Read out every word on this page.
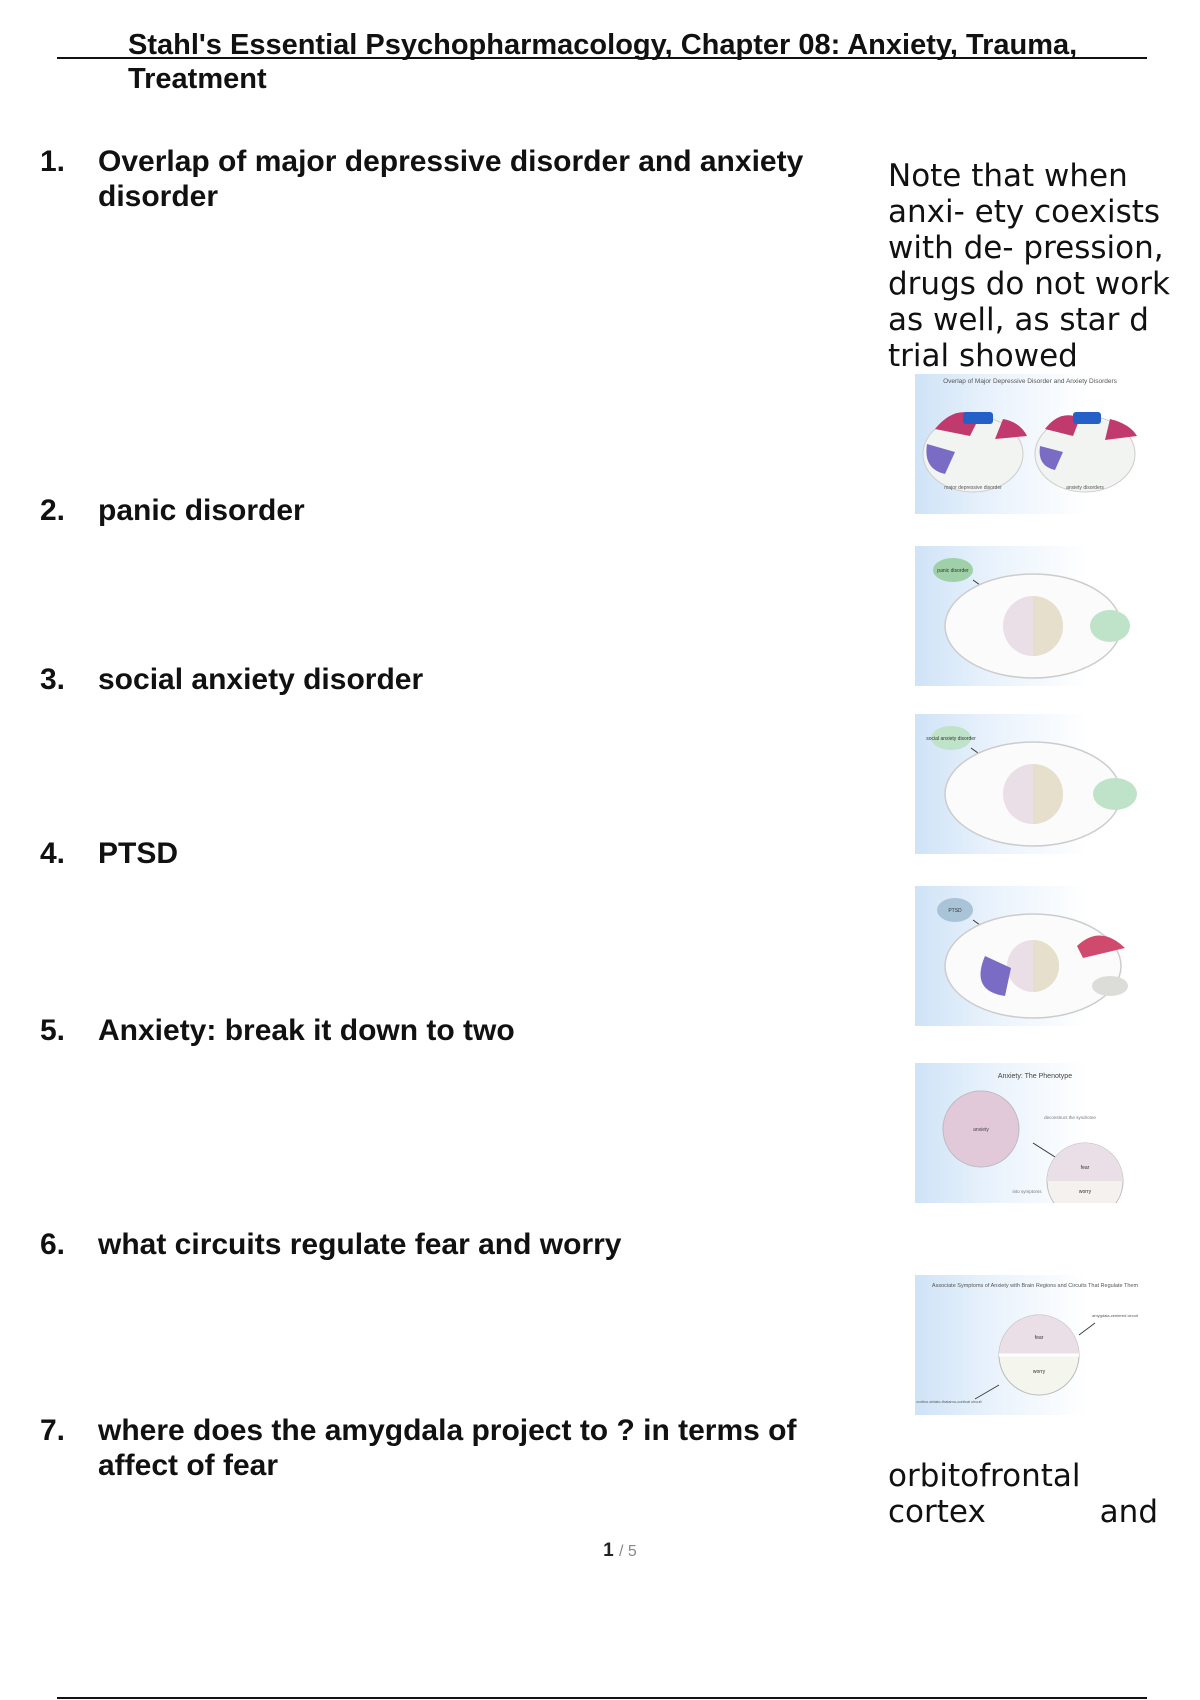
Stahl's Essential Psychopharmacology, Chapter 08: Anxiety, Trauma,
Treatment
1.	Overlap of major depressive disorder and anxiety disorder
2.	panic disorder
3.	social anxiety disorder
4.	PTSD
5.	Anxiety: break it down to two
6.	what circuits regulate fear and worry
7.	where does the amygdala project to ? in terms of affect of fear
Note that when anxi- ety coexists with de- pression, drugs do not work as well, as star d trial showed
orbitofrontal
cortex	and
Overlap of Major Depressive Disorder and Anxiety Disorders
major depressive disorder	anxiety disorders
panic disorder
social anxiety disorder
PTSD
Anxiety: The Phenotype
anxiety
deconstruct the syndrome
into symptoms
fear
worry
Associate Symptoms of Anxiety with Brain Regions and Circuits That Regulate Them
fear
worry
amygdala-centered circuit
cortico-striato-thalamo-cortical circuit
1 / 5
